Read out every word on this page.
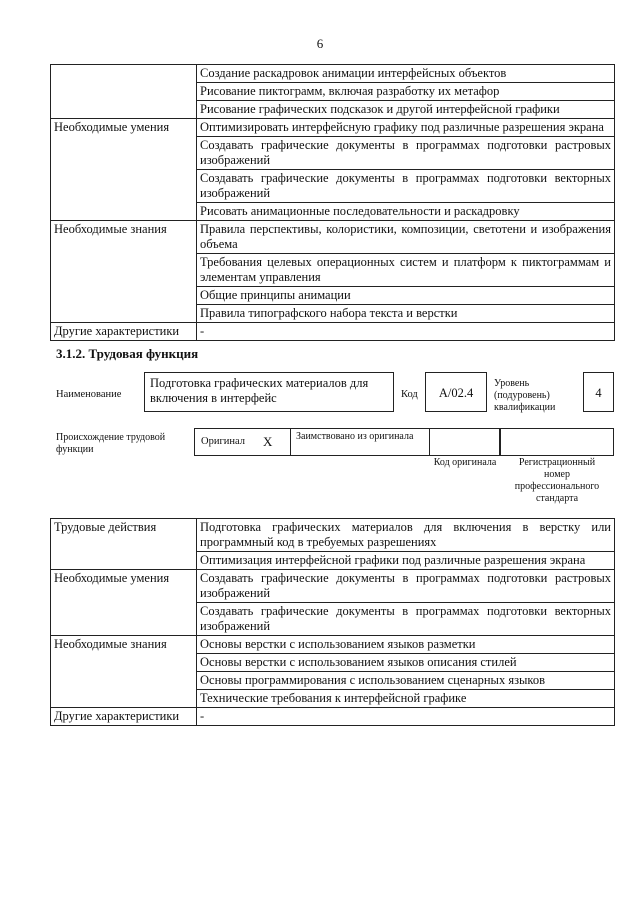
6
	Создание раскадровок анимации интерфейсных объектов
	Рисование пиктограмм, включая разработку их метафор
	Рисование графических подсказок и другой интерфейсной графики
Необходимые умения	Оптимизировать интерфейсную графику под различные разрешения экрана
	Создавать графические документы в программах подготовки растровых изображений
	Создавать графические документы в программах подготовки векторных изображений
	Рисовать анимационные последовательности и раскадровку
Необходимые знания	Правила перспективы, колористики, композиции, светотени и изображения объема
	Требования целевых операционных систем и платформ к пиктограммам и элементам управления
	Общие принципы анимации
	Правила типографского набора текста и верстки
Другие характеристики	-
3.1.2. Трудовая функция
Наименование
Подготовка графических материалов для включения в интерфейс	Код	A/02.4
Уровень (подуровень) квалификации
4
Происхождение трудовой функции
Оригинал X	Заимствовано из оригинала
Код оригинала	Регистрационный номер профессионального стандарта
Трудовые действия	Подготовка графических материалов для включения в верстку или программный код в требуемых разрешениях
	Оптимизация интерфейсной графики под различные разрешения экрана
Необходимые умения	Создавать графические документы в программах подготовки растровых изображений
	Создавать графические документы в программах подготовки векторных изображений
Необходимые знания	Основы верстки с использованием языков разметки
	Основы верстки с использованием языков описания стилей
	Основы программирования с использованием сценарных языков
	Технические требования к интерфейсной графике
Другие характеристики	-
